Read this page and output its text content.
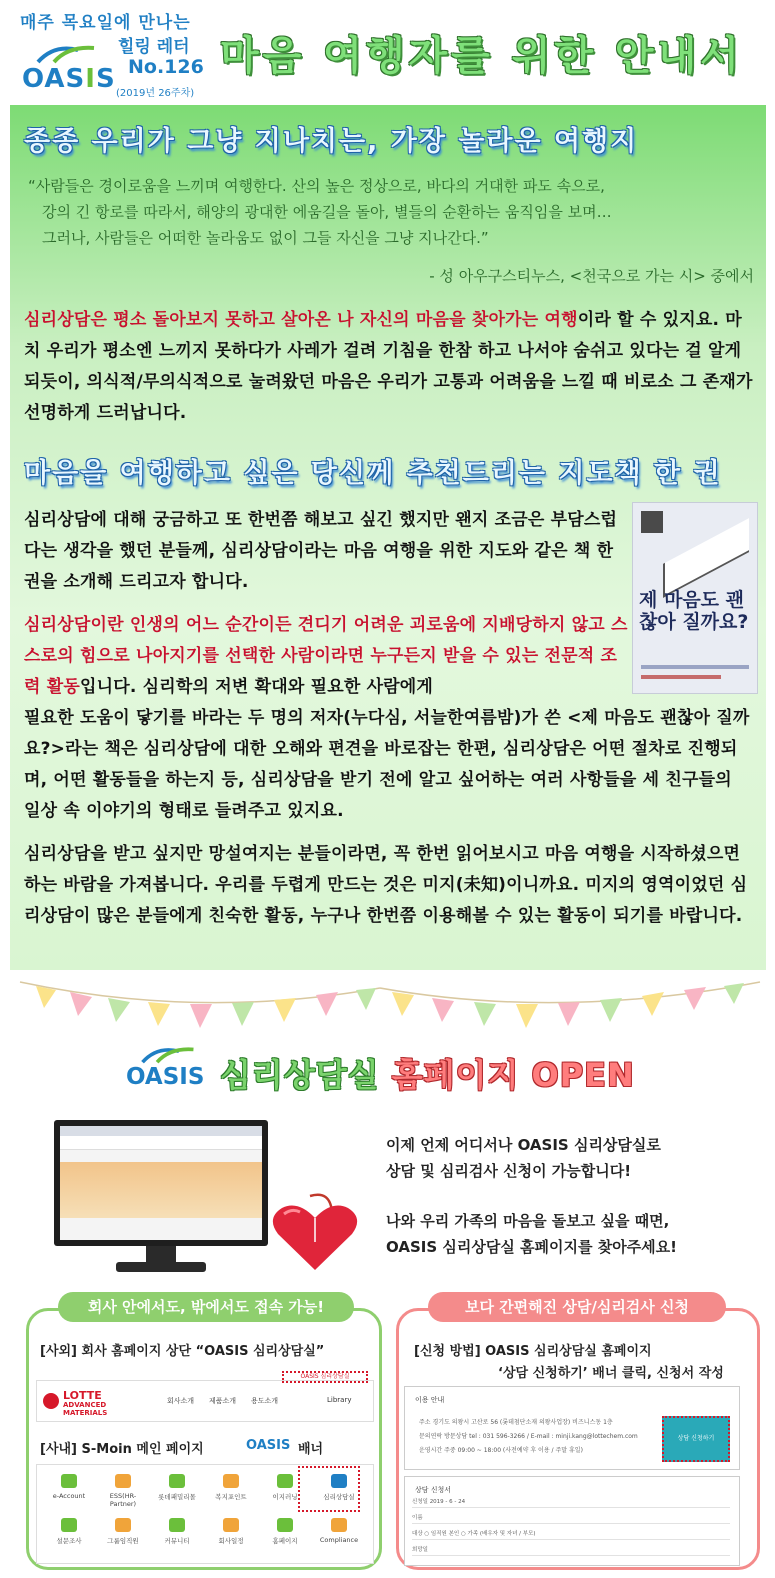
매주 목요일에 만나는
힐링 레터
No.126
(2019년 26주차)
OASIS	마음 여행자를 위한 안내서
종종 우리가 그냥 지나치는, 가장 놀라운 여행지
“사람들은 경이로움을 느끼며 여행한다. 산의 높은 정상으로, 바다의 거대한 파도 속으로,
강의 긴 항로를 따라서, 해양의 광대한 에움길을 돌아, 별들의 순환하는 움직임을 보며…
그러나, 사람들은 어떠한 놀라움도 없이 그들 자신을 그냥 지나간다.”
- 성 아우구스티누스, <천국으로 가는 시> 중에서
심리상담은 평소 돌아보지 못하고 살아온 나 자신의 마음을 찾아가는 여행이라 할 수 있지요. 마치 우리가 평소엔 느끼지 못하다가 사레가 걸려 기침을 한참 하고 나서야 숨쉬고 있다는 걸 알게 되듯이, 의식적/무의식적으로 눌려왔던 마음은 우리가 고통과 어려움을 느낄 때 비로소 그 존재가 선명하게 드러납니다.
마음을 여행하고 싶은 당신께 추천드리는 지도책 한 권
심리상담에 대해 궁금하고 또 한번쯤 해보고 싶긴 했지만 왠지 조금은 부담스럽다는 생각을 했던 분들께, 심리상담이라는 마음 여행을 위한 지도와 같은 책 한 권을 소개해 드리고자 합니다.
심리상담이란 인생의 어느 순간이든 견디기 어려운 괴로움에 지배당하지 않고 스스로의 힘으로 나아지기를 선택한 사람이라면 누구든지 받을 수 있는 전문적 조력 활동입니다. 심리학의 저변 확대와 필요한 사람에게
필요한 도움이 닿기를 바라는 두 명의 저자(누다심, 서늘한여름밤)가 쓴 <제 마음도 괜찮아 질까요?>라는 책은 심리상담에 대한 오해와 편견을 바로잡는 한편, 심리상담은 어떤 절차로 진행되며, 어떤 활동들을 하는지 등, 심리상담을 받기 전에 알고 싶어하는 여러 사항들을 세 친구들의 일상 속 이야기의 형태로 들려주고 있지요.
심리상담을 받고 싶지만 망설여지는 분들이라면, 꼭 한번 읽어보시고 마음 여행을 시작하셨으면 하는 바람을 가져봅니다. 우리를 두렵게 만드는 것은 미지(未知)이니까요. 미지의 영역이었던 심리상담이 많은 분들에게 친숙한 활동, 누구나 한번쯤 이용해볼 수 있는 활동이 되기를 바랍니다.
제 마음도 괜찮아 질까요?
OASIS 심리상담실 홈페이지 OPEN
이제 언제 어디서나 OASIS 심리상담실로
상담 및 심리검사 신청이 가능합니다!
나와 우리 가족의 마음을 돌보고 싶을 때면,
OASIS 심리상담실 홈페이지를 찾아주세요!
회사 안에서도, 밖에서도 접속 가능!
[사외] 회사 홈페이지 상단 “OASIS 심리상담실”
LOTTE
ADVANCED MATERIALS
회사소개 제품소개 용도소개	Library
OASIS 심리상담실
[사내] S-Moin 메인 페이지	OASIS 배너
e-Account	ESS(HR-Partner)
롯데패밀리몰	복지포인트	이지러닝	심리상담실
설문조사	그룹임직원	커뮤니티	회사일정	홈페이지	Compliance
보다 간편해진 상담/심리검사 신청
[신청 방법] OASIS 심리상담실 홈페이지
‘상담 신청하기’ 배너 클릭, 신청서 작성
이용 안내
주소 경기도 의왕시 고산로 56 (롯데첨단소재 의왕사업장) 비즈니스동 1층
문의연락 방문상담 tel : 031 596-3266 / E-mail : minji.kang@lottechem.com
운영시간 주중 09:00 ~ 18:00 (사전예약 후 이용 / 주말 휴일)
상담 신청하기
상담 신청서
신청일 2019 - 6 - 24
이름
대상 ○ 임직원 본인 ○ 가족 (배우자 및 자녀 / 부모)
희망일
